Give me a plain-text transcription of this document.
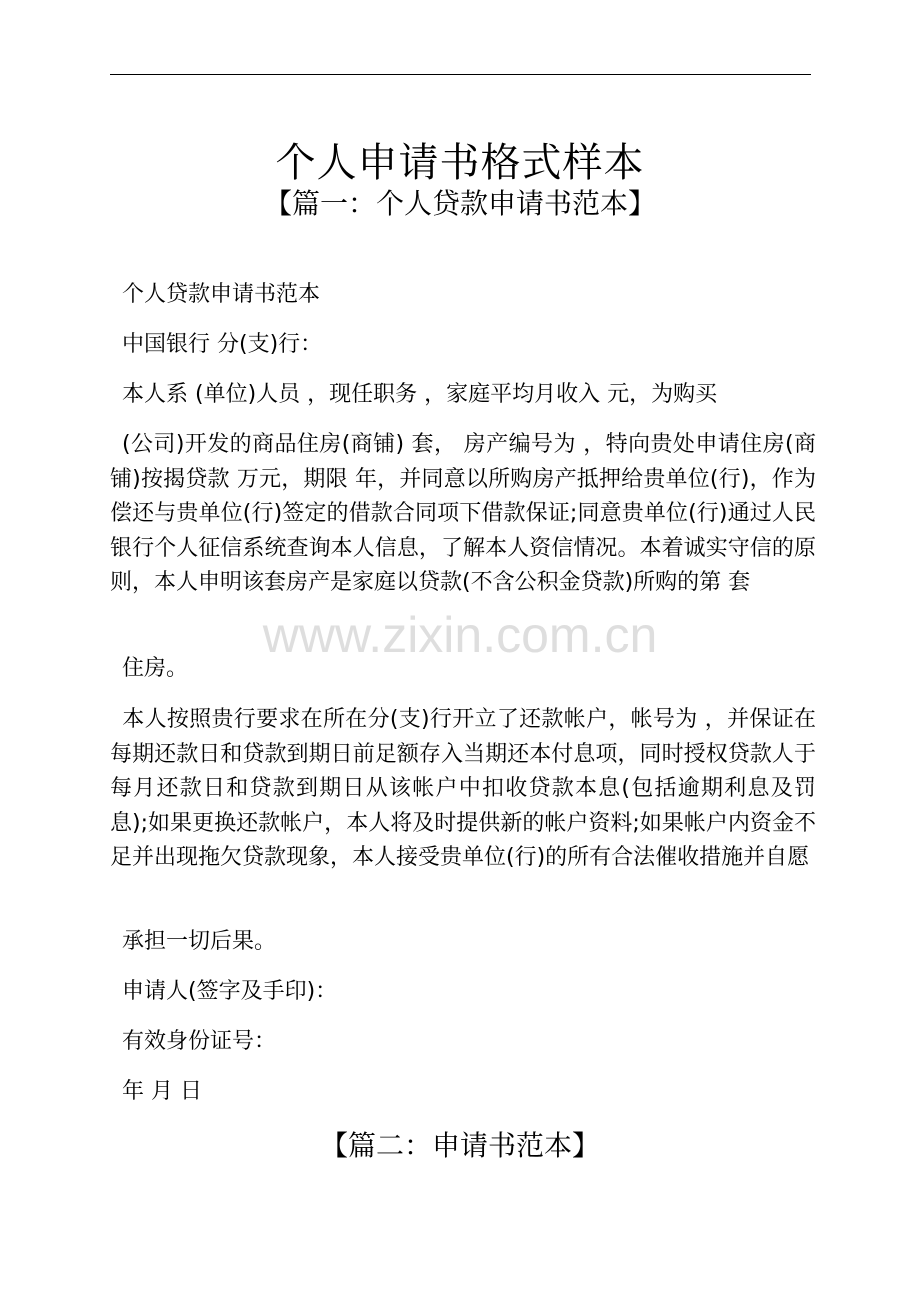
个人申请书格式样本
【篇一：个人贷款申请书范本】
个人贷款申请书范本
中国银行 分(支)行：
本人系 (单位)人员 ，现任职务 ，家庭平均月收入 元，为购买
(公司)开发的商品住房(商铺) 套， 房产编号为 ，特向贵处申请住房(商铺)按揭贷款 万元，期限 年，并同意以所购房产抵押给贵单位(行)，作为偿还与贵单位(行)签定的借款合同项下借款保证;同意贵单位(行)通过人民银行个人征信系统查询本人信息，了解本人资信情况。本着诚实守信的原则，本人申明该套房产是家庭以贷款(不含公积金贷款)所购的第 套
住房。
本人按照贵行要求在所在分(支)行开立了还款帐户，帐号为 ，并保证在每期还款日和贷款到期日前足额存入当期还本付息项，同时授权贷款人于每月还款日和贷款到期日从该帐户中扣收贷款本息(包括逾期利息及罚息);如果更换还款帐户，本人将及时提供新的帐户资料;如果帐户内资金不足并出现拖欠贷款现象，本人接受贵单位(行)的所有合法催收措施并自愿
承担一切后果。
申请人(签字及手印)：
有效身份证号：
年 月 日
【篇二：申请书范本】
www.zixin.com.cn
